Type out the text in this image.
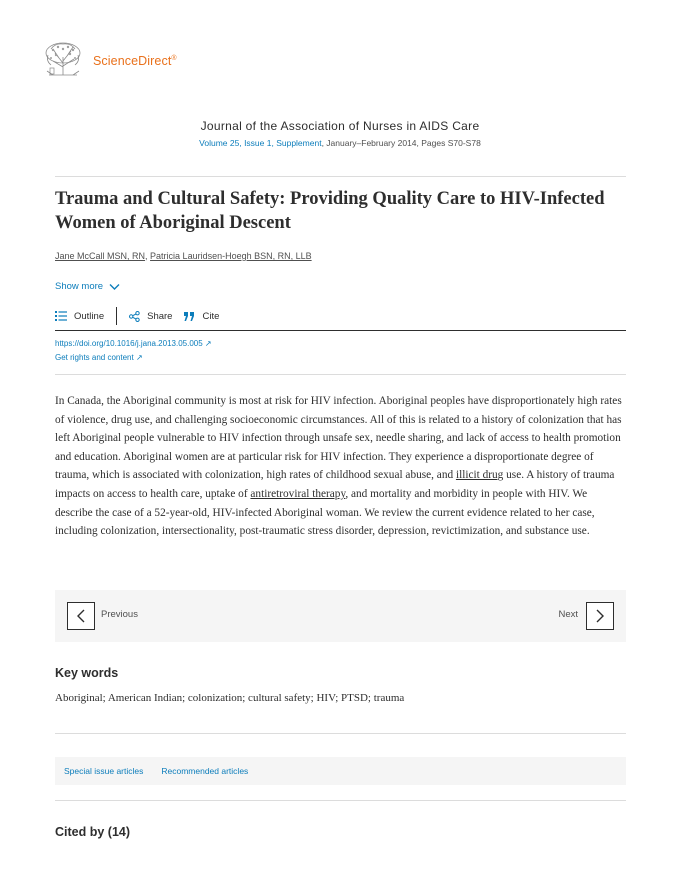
ScienceDirect®
Journal of the Association of Nurses in AIDS Care
Volume 25, Issue 1, Supplement, January–February 2014, Pages S70-S78
Trauma and Cultural Safety: Providing Quality Care to HIV-Infected Women of Aboriginal Descent
Jane McCall MSN, RN, Patricia Lauridsen-Hoegh BSN, RN, LLB
Show more
Outline	Share	Cite
https://doi.org/10.1016/j.jana.2013.05.005 ↗
Get rights and content ↗
In Canada, the Aboriginal community is most at risk for HIV infection. Aboriginal peoples have disproportionately high rates of violence, drug use, and challenging socioeconomic circumstances. All of this is related to a history of colonization that has left Aboriginal people vulnerable to HIV infection through unsafe sex, needle sharing, and lack of access to health promotion and education. Aboriginal women are at particular risk for HIV infection. They experience a disproportionate degree of trauma, which is associated with colonization, high rates of childhood sexual abuse, and illicit drug use. A history of trauma impacts on access to health care, uptake of antiretroviral therapy, and mortality and morbidity in people with HIV. We describe the case of a 52-year-old, HIV-infected Aboriginal woman. We review the current evidence related to her case, including colonization, intersectionality, post-traumatic stress disorder, depression, revictimization, and substance use.
Previous	Next
Key words

Aboriginal; American Indian; colonization; cultural safety; HIV; PTSD; trauma

Special issue articles Recommended articles
Cited by (14)
